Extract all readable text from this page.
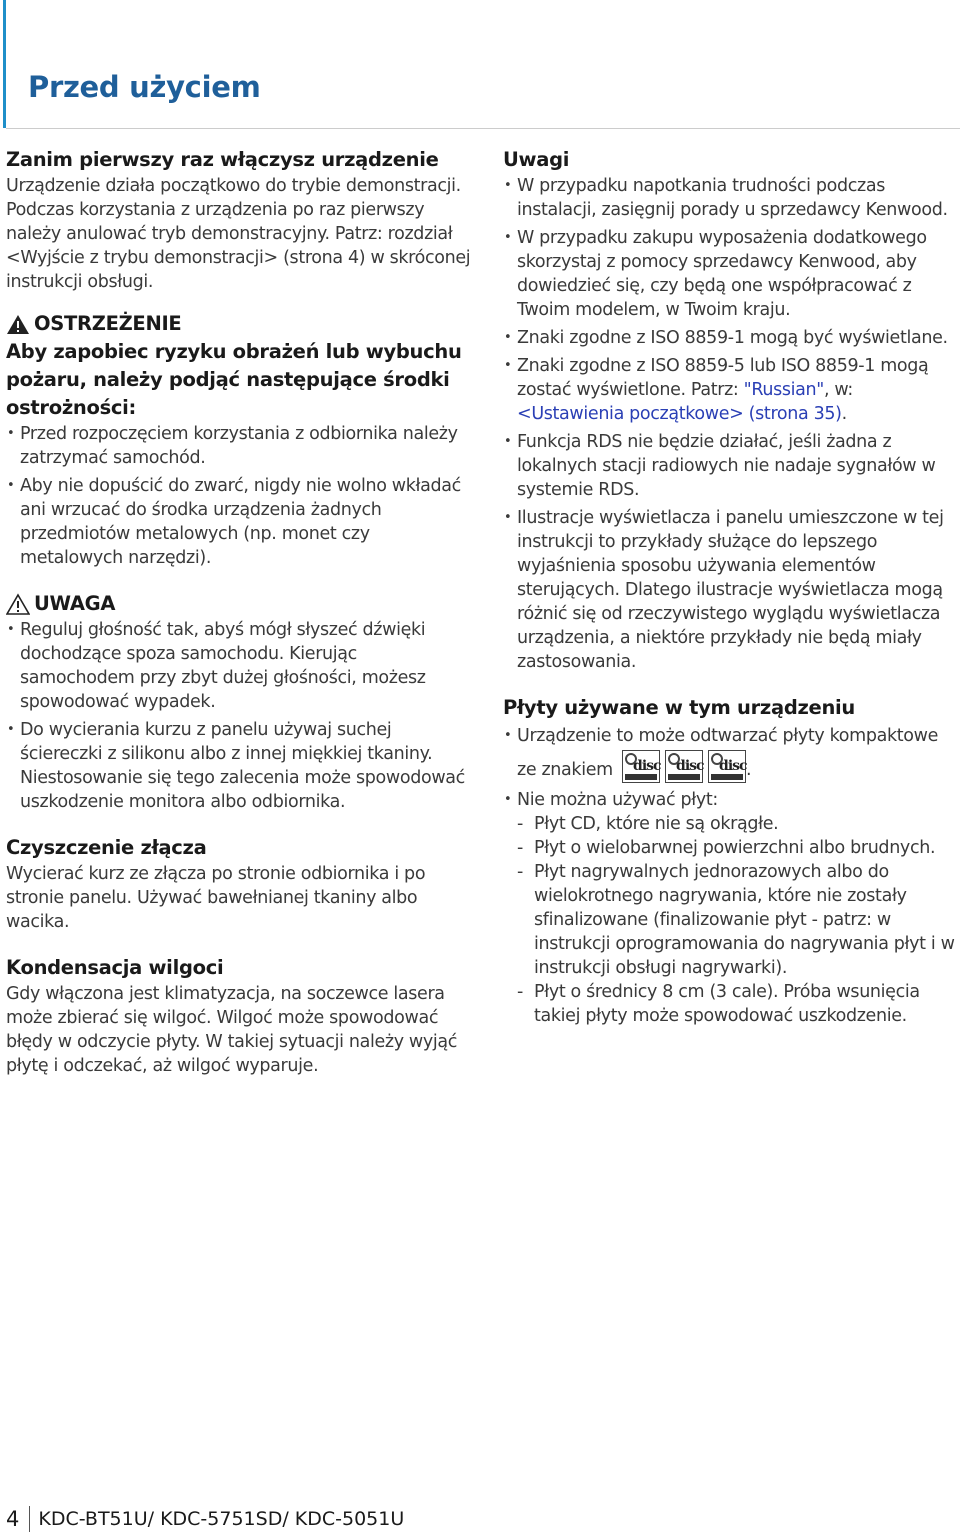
Przed użyciem
Zanim pierwszy raz włączysz urządzenie

Urządzenie działa początkowo do trybie demonstracji. Podczas korzystania z urządzenia po raz pierwszy należy anulować tryb demonstracyjny. Patrz: rozdział <Wyjście z trybu demonstracji> (strona 4) w skróconej instrukcji obsługi.

OSTRZEŻENIE
Aby zapobiec ryzyku obrażeń lub wybuchu pożaru, należy podjąć następujące środki ostrożności:
• Przed rozpoczęciem korzystania z odbiornika należy zatrzymać samochód.
• Aby nie dopuścić do zwarć, nigdy nie wolno wkładać ani wrzucać do środka urządzenia żadnych przedmiotów metalowych (np. monet czy metalowych narzędzi).
UWAGA
• Reguluj głośność tak, abyś mógł słyszeć dźwięki dochodzące spoza samochodu. Kierując samochodem przy zbyt dużej głośności, możesz spowodować wypadek.
• Do wycierania kurzu z panelu używaj suchej ściereczki z silikonu albo z innej miękkiej tkaniny. Niestosowanie się tego zalecenia może spowodować uszkodzenie monitora albo odbiornika.
Czyszczenie złącza

Wycierać kurz ze złącza po stronie odbiornika i po stronie panelu. Używać bawełnianej tkaniny albo wacika.

Kondensacja wilgoci

Gdy włączona jest klimatyzacja, na soczewce lasera może zbierać się wilgoć. Wilgoć może spowodować błędy w odczycie płyty. W takiej sytuacji należy wyjąć płytę i odczekać, aż wilgoć wyparuje.

Uwagi
• W przypadku napotkania trudności podczas instalacji, zasięgnij porady u sprzedawcy Kenwood.
• W przypadku zakupu wyposażenia dodatkowego skorzystaj z pomocy sprzedawcy Kenwood, aby dowiedzieć się, czy będą one współpracować z Twoim modelem, w Twoim kraju.
• Znaki zgodne z ISO 8859-1 mogą być wyświetlane.
• Znaki zgodne z ISO 8859-5 lub ISO 8859-1 mogą zostać wyświetlone. Patrz: "Russian", w: <Ustawienia początkowe> (strona 35).
• Funkcja RDS nie będzie działać, jeśli żadna z lokalnych stacji radiowych nie nadaje sygnałów w systemie RDS.
• Ilustracje wyświetlacza i panelu umieszczone w tej instrukcji to przykłady służące do lepszego wyjaśnienia sposobu używania elementów sterujących. Dlatego ilustracje wyświetlacza mogą różnić się od rzeczywistego wyglądu wyświetlacza urządzenia, a niektóre przykłady nie będą miały zastosowania.
Płyty używane w tym urządzeniu
• Urządzenie to może odtwarzać płyty kompaktowe ze znakiem disc disc disc .
• Nie można używać płyt:
- Płyt CD, które nie są okrągłe.
- Płyt o wielobarwnej powierzchni albo brudnych.
- Płyt nagrywalnych jednorazowych albo do wielokrotnego nagrywania, które nie zostały sfinalizowane (finalizowanie płyt - patrz: w instrukcji oprogramowania do nagrywania płyt i w instrukcji obsługi nagrywarki).
- Płyt o średnicy 8 cm (3 cale). Próba wsunięcia takiej płyty może spowodować uszkodzenie.
4 KDC-BT51U/ KDC-5751SD/ KDC-5051U
